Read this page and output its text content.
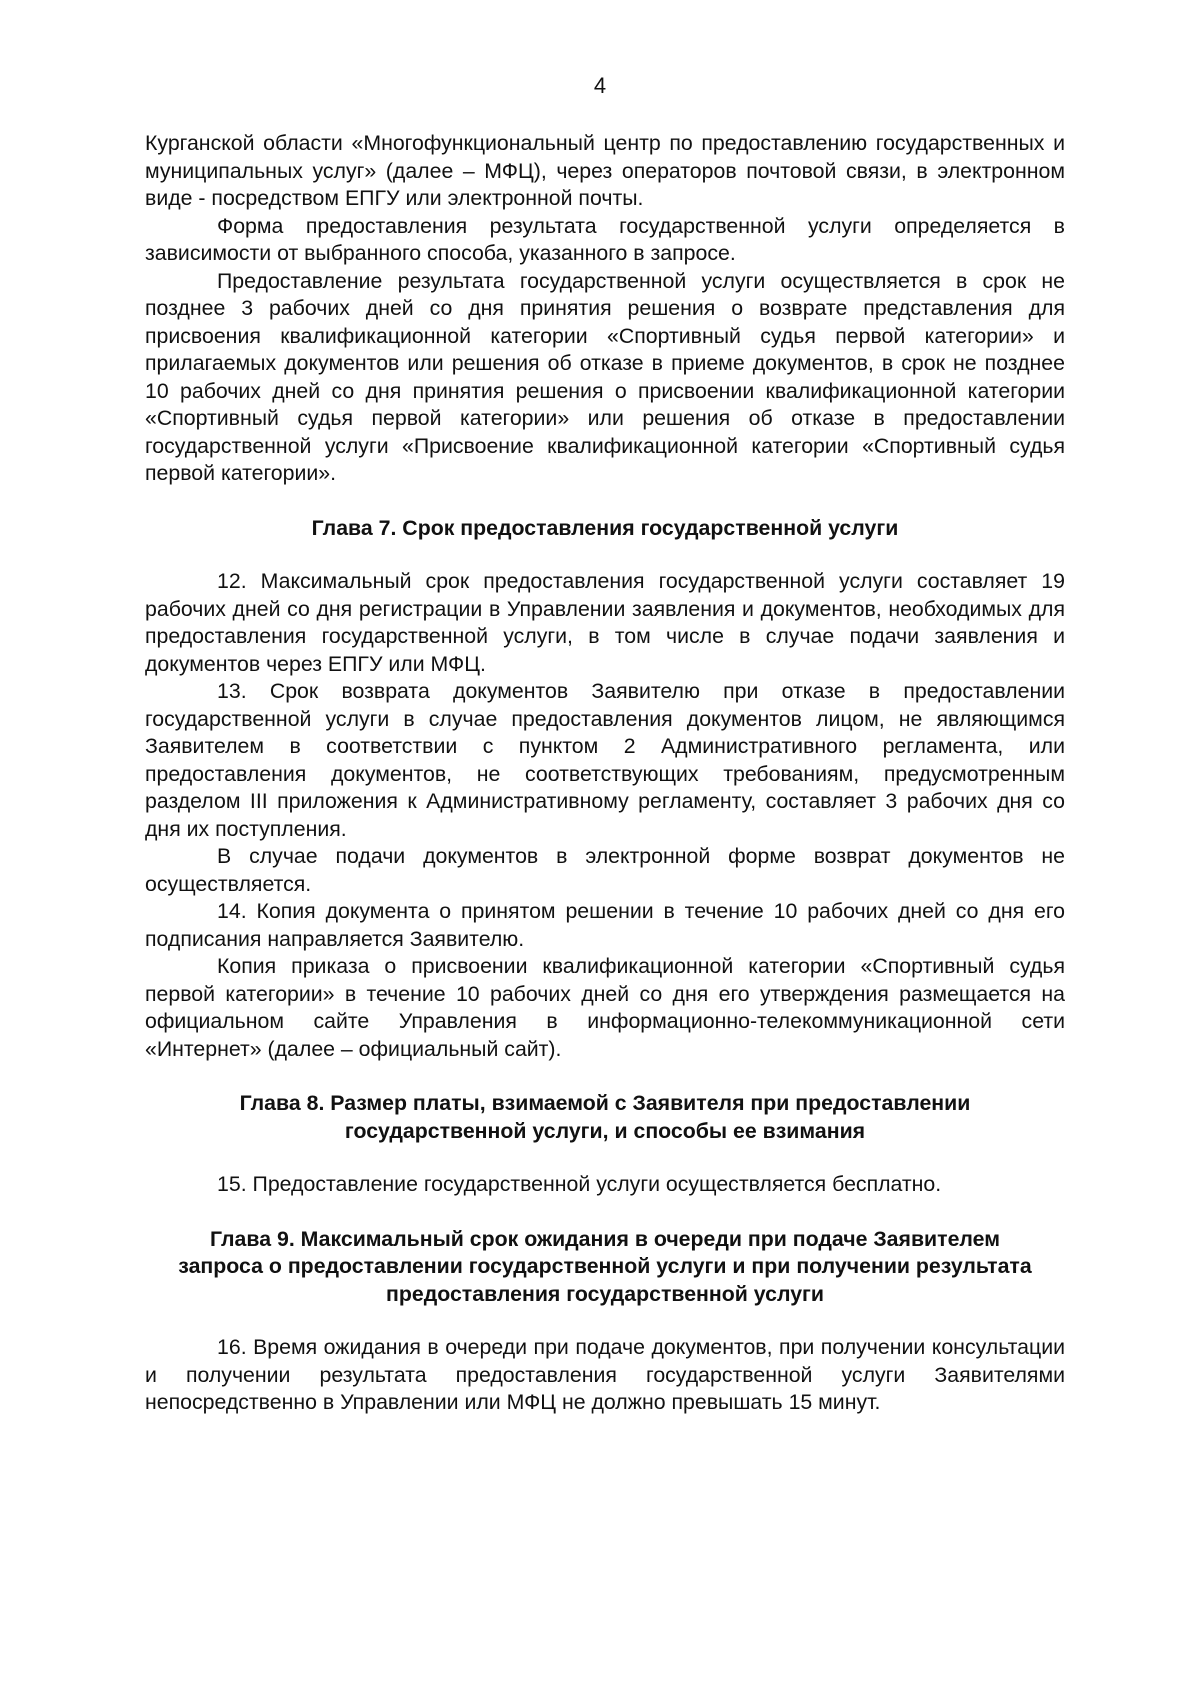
4

Курганской области «Многофункциональный центр по предоставлению государственных и муниципальных услуг» (далее – МФЦ), через операторов почтовой связи, в электронном виде - посредством ЕПГУ или электронной почты.

Форма предоставления результата государственной услуги определяется в зависимости от выбранного способа, указанного в запросе.

Предоставление результата государственной услуги осуществляется в срок не позднее 3 рабочих дней со дня принятия решения о возврате представления для присвоения квалификационной категории «Спортивный судья первой категории» и прилагаемых документов или решения об отказе в приеме документов, в срок не позднее 10 рабочих дней со дня принятия решения о присвоении квалификационной категории «Спортивный судья первой категории» или решения об отказе в предоставлении государственной услуги «Присвоение квалификационной категории «Спортивный судья первой категории».

Глава 7. Срок предоставления государственной услуги

12. Максимальный срок предоставления государственной услуги составляет 19 рабочих дней со дня регистрации в Управлении заявления и документов, необходимых для предоставления государственной услуги, в том числе в случае подачи заявления и документов через ЕПГУ или МФЦ.

13. Срок возврата документов Заявителю при отказе в предоставлении государственной услуги в случае предоставления документов лицом, не являющимся Заявителем в соответствии с пунктом 2 Административного регламента, или предоставления документов, не соответствующих требованиям, предусмотренным разделом III приложения к Административному регламенту, составляет 3 рабочих дня со дня их поступления.

В случае подачи документов в электронной форме возврат документов не осуществляется.

14. Копия документа о принятом решении в течение 10 рабочих дней со дня его подписания направляется Заявителю.

Копия приказа о присвоении квалификационной категории «Спортивный судья первой категории» в течение 10 рабочих дней со дня его утверждения размещается на официальном сайте Управления в информационно-телекоммуникационной сети «Интернет» (далее – официальный сайт).

Глава 8. Размер платы, взимаемой с Заявителя при предоставлении
государственной услуги, и способы ее взимания

15. Предоставление государственной услуги осуществляется бесплатно.

Глава 9. Максимальный срок ожидания в очереди при подаче Заявителем
запроса о предоставлении государственной услуги и при получении результата
предоставления государственной услуги

16. Время ожидания в очереди при подаче документов, при получении консультации и получении результата предоставления государственной услуги Заявителями непосредственно в Управлении или МФЦ не должно превышать 15 минут.
